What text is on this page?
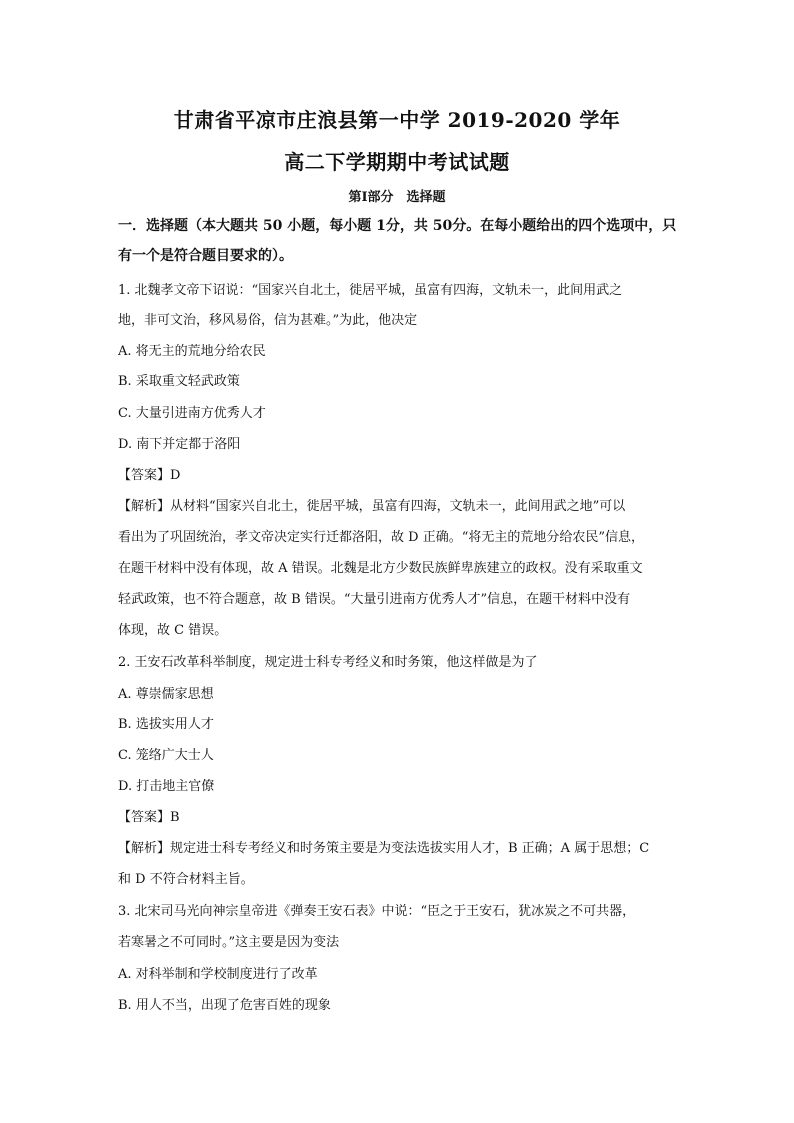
甘肃省平凉市庄浪县第一中学 2019-2020 学年
高二下学期期中考试试题
第Ⅰ部分　选择题
一．选择题（本大题共 50 小题，每小题 1分，共 50分。在每小题给出的四个选项中，只
有一个是符合题目要求的）。
1. 北魏孝文帝下诏说：“国家兴自北土，徙居平城，虽富有四海，文轨未一，此间用武之
地，非可文治，移风易俗，信为甚难。”为此，他决定
A. 将无主的荒地分给农民
B. 采取重文轻武政策
C. 大量引进南方优秀人才
D. 南下并定都于洛阳
【答案】D
【解析】从材料“国家兴自北土，徙居平城，虽富有四海，文轨未一，此间用武之地”可以
看出为了巩固统治，孝文帝决定实行迁都洛阳，故 D 正确。“将无主的荒地分给农民”信息，
在题干材料中没有体现，故 A 错误。北魏是北方少数民族鲜卑族建立的政权。没有采取重文
轻武政策，也不符合题意，故 B 错误。“大量引进南方优秀人才”信息，在题干材料中没有
体现，故 C 错误。
2. 王安石改革科举制度，规定进士科专考经义和时务策，他这样做是为了
A. 尊崇儒家思想
B. 选拔实用人才
C. 笼络广大士人
D. 打击地主官僚
【答案】B
【解析】规定进士科专考经义和时务策主要是为变法选拔实用人才，B 正确；A 属于思想；C
和 D 不符合材料主旨。
3. 北宋司马光向神宗皇帝进《弹奏王安石表》中说：“臣之于王安石，犹冰炭之不可共器，
若寒暑之不可同时。”这主要是因为变法
A. 对科举制和学校制度进行了改革
B. 用人不当，出现了危害百姓的现象
